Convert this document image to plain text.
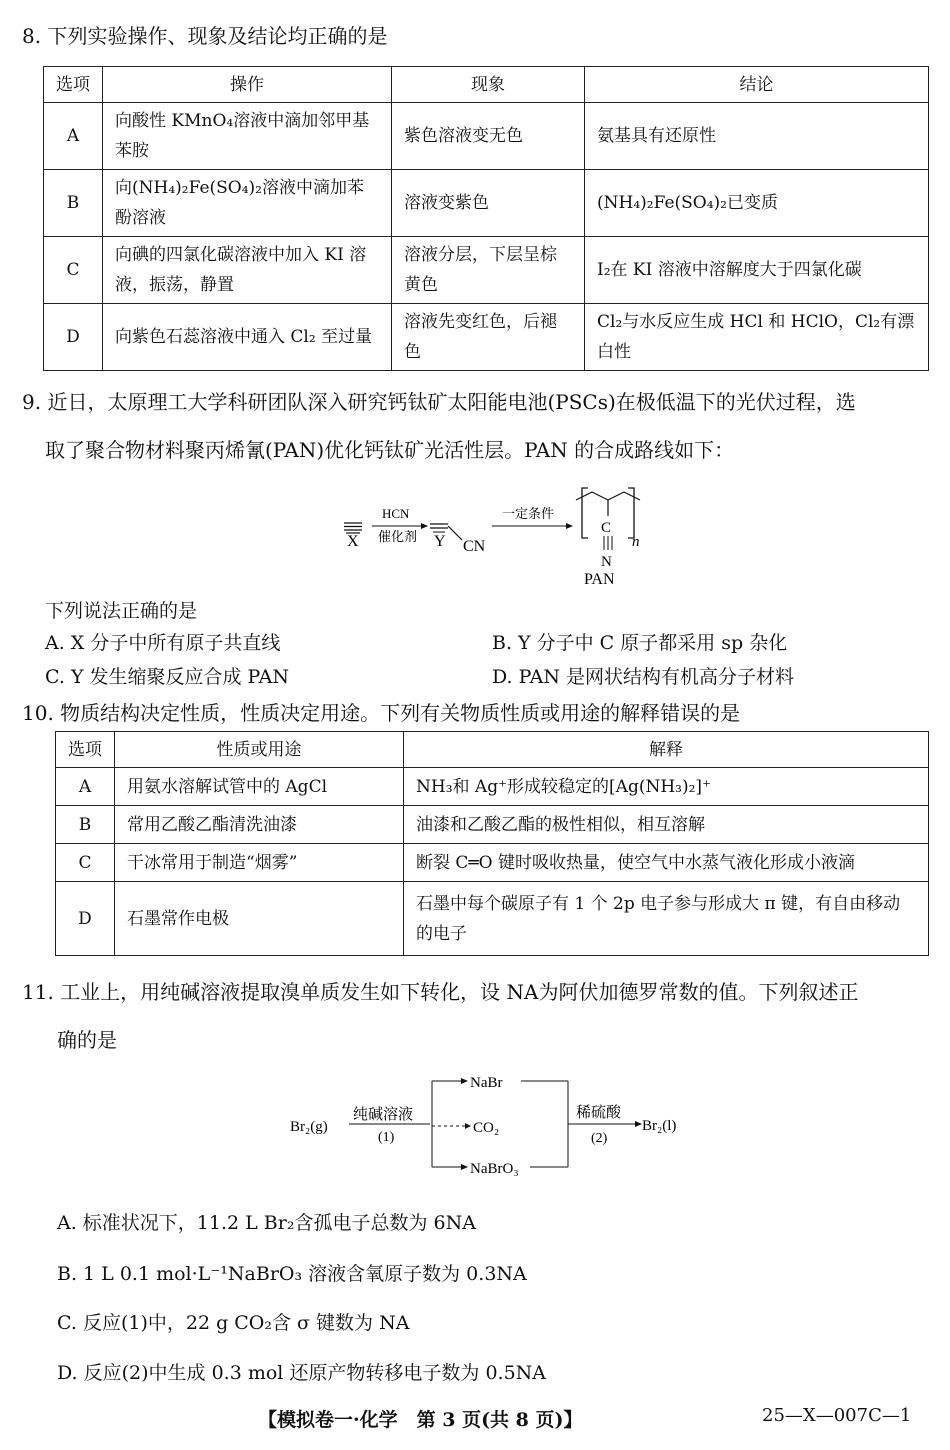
8. 下列实验操作、现象及结论均正确的是
选项	操作	现象	结论
A	向酸性 KMnO₄溶液中滴加邻甲基苯胺	紫色溶液变无色	氨基具有还原性
B	向(NH₄)₂Fe(SO₄)₂溶液中滴加苯酚溶液	溶液变紫色	(NH₄)₂Fe(SO₄)₂已变质
C	向碘的四氯化碳溶液中加入 KI 溶液，振荡，静置	溶液分层，下层呈棕黄色	I₂在 KI 溶液中溶解度大于四氯化碳
D	向紫色石蕊溶液中通入 Cl₂ 至过量	溶液先变红色，后褪色	Cl₂与水反应生成 HCl 和 HClO，Cl₂有漂白性
9. 近日，太原理工大学科研团队深入研究钙钛矿太阳能电池(PSCs)在极低温下的光伏过程，选
取了聚合物材料聚丙烯氰(PAN)优化钙钛矿光活性层。PAN 的合成路线如下：
X
HCN
催化剂 Y CN
一定条件
C
N
n
PAN
下列说法正确的是
A. X 分子中所有原子共直线	B. Y 分子中 C 原子都采用 sp 杂化
C. Y 发生缩聚反应合成 PAN	D. PAN 是网状结构有机高分子材料
10. 物质结构决定性质，性质决定用途。下列有关物质性质或用途的解释错误的是
选项	性质或用途	解释
A	用氨水溶解试管中的 AgCl	NH₃和 Ag⁺形成较稳定的[Ag(NH₃)₂]⁺
B	常用乙酸乙酯清洗油漆	油漆和乙酸乙酯的极性相似，相互溶解
C	干冰常用于制造“烟雾”	断裂 C═O 键时吸收热量，使空气中水蒸气液化形成小液滴
D	石墨常作电极	石墨中每个碳原子有 1 个 2p 电子参与形成大 π 键，有自由移动的电子
11. 工业上，用纯碱溶液提取溴单质发生如下转化，设 NA为阿伏加德罗常数的值。下列叙述正
确的是
Br₂(g)
纯碱溶液
(1)
NaBr
CO₂
NaBrO₃
稀硫酸
(2)
Br₂(l)
A. 标准状况下，11.2 L Br₂含孤电子总数为 6NA
B. 1 L 0.1 mol·L⁻¹NaBrO₃ 溶液含氧原子数为 0.3NA
C. 反应(1)中，22 g CO₂含 σ 键数为 NA
D. 反应(2)中生成 0.3 mol 还原产物转移电子数为 0.5NA
【模拟卷一·化学　第 3 页(共 8 页)】	25—X—007C—1
